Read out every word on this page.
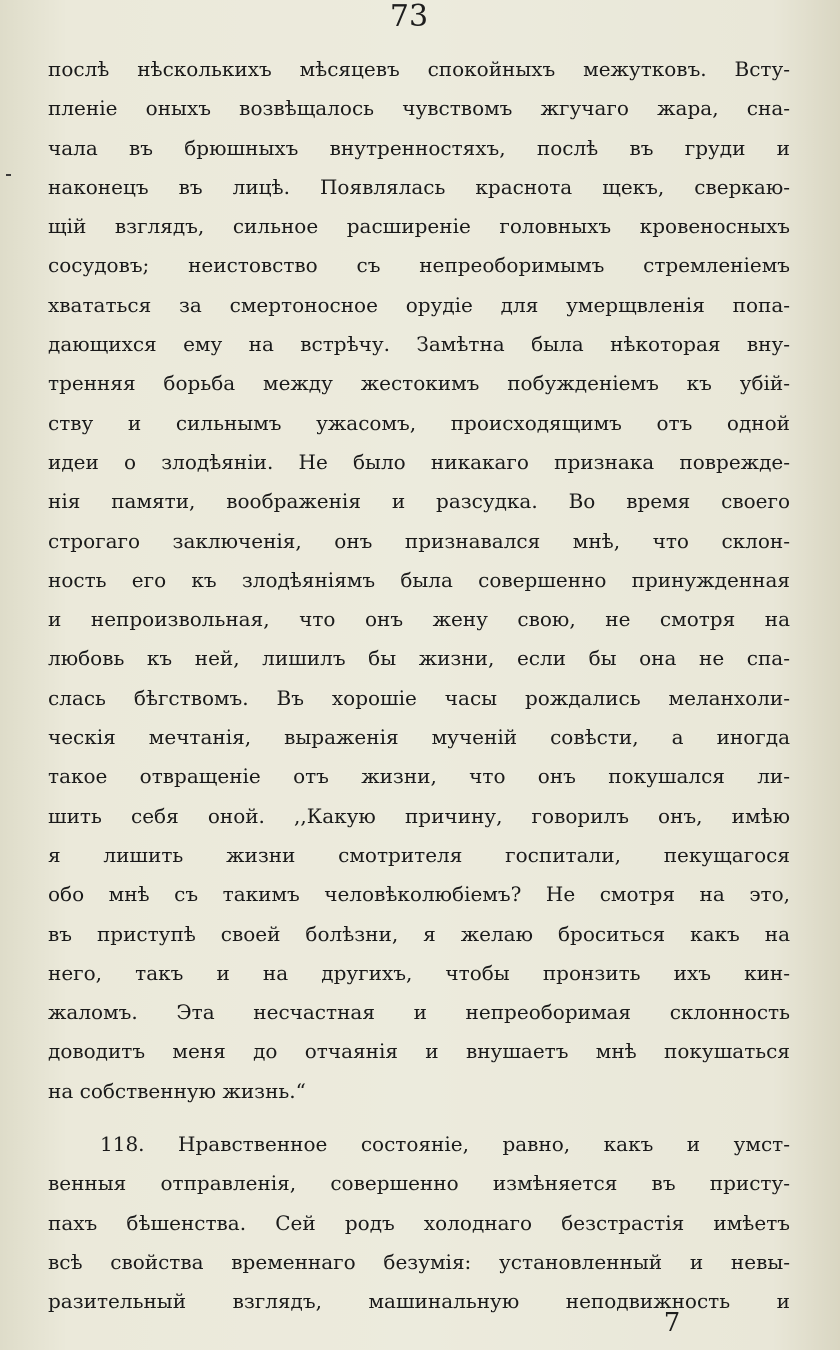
73
послѣ нѣсколькихъ мѣсяцевъ спокойныхъ межутковъ. Всту-
пленіе оныхъ возвѣщалось чувствомъ жгучаго жара, сна-
чала въ брюшныхъ внутренностяхъ, послѣ въ груди и
наконецъ въ лицѣ. Появлялась краснота щекъ, сверкаю-
щій взглядъ, сильное расширеніе головныхъ кровеносныхъ
сосудовъ; неистовство съ непреоборимымъ стремленіемъ
хвататься за смертоносное орудіе для умерщвленія попа-
дающихся ему на встрѣчу. Замѣтна была нѣкоторая вну-
тренняя борьба между жестокимъ побужденіемъ къ убій-
ству и сильнымъ ужасомъ, происходящимъ отъ одной
идеи о злодѣяніи. Не было никакаго признака поврежде-
нія памяти, воображенія и разсудка. Во время своего
строгаго заключенія, онъ признавался мнѣ, что склон-
ность его къ злодѣяніямъ была совершенно принужденная
и непроизвольная, что онъ жену свою, не смотря на
любовь къ ней, лишилъ бы жизни, если бы она не спа-
слась бѣгствомъ. Въ хорошіе часы рождались меланхоли-
ческія мечтанія, выраженія мученій совѣсти, а иногда
такое отвращеніе отъ жизни, что онъ покушался ли-
шить себя оной. ,,Какую причину, говорилъ онъ, имѣю
я лишить жизни смотрителя госпитали, пекущагося
обо мнѣ съ такимъ человѣколюбіемъ? Не смотря на это,
въ приступѣ своей болѣзни, я желаю броситься какъ на
него, такъ и на другихъ, чтобы пронзить ихъ кин-
жаломъ. Эта несчастная и непреоборимая склонность
доводитъ меня до отчаянія и внушаетъ мнѣ покушаться
на собственную жизнь.“
118. Нравственное состояніе, равно, какъ и умст-
венныя отправленія, совершенно измѣняется въ присту-
пахъ бѣшенства. Сей родъ холоднаго безстрастія имѣетъ
всѣ свойства временнаго безумія: установленный и невы-
разительный взглядъ, машинальную неподвижность и
7
